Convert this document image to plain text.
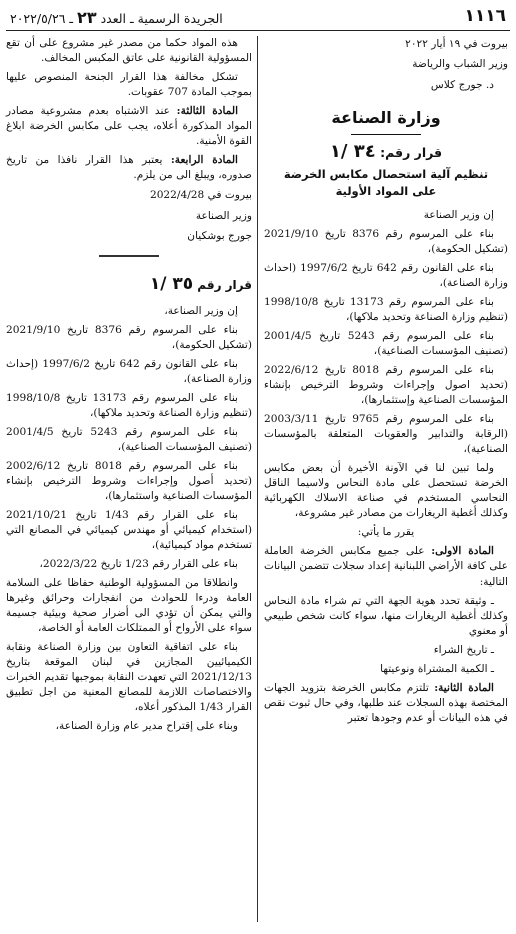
١١١٦
الجريدة الرسمية ـ العدد ٢٣ ـ ٢٠٢٢/٥/٢٦

بيروت في ١٩ أيار ٢٠٢٢

وزير الشباب والرياضة

د. جورج كلاس

وزارة الصناعة
قرار رقم: ٣٤ /١
تنظيم آلية استحصال مكابس الخرضة
على المواد الأولية

إن وزير الصناعة

بناء على المرسوم رقم 8376 تاريخ 2021/9/10 (تشكيل الحكومة)،

بناء على القانون رقم 642 تاريخ 1997/6/2 (احداث وزارة الصناعة)،

بناء على المرسوم رقم 13173 تاريخ 1998/10/8 (تنظيم وزارة الصناعة وتحديد ملاكها)،

بناء على المرسوم رقم 5243 تاريخ 2001/4/5 (تصنيف المؤسسات الصناعية)،

بناء على المرسوم رقم 8018 تاريخ 2022/6/12 (تحديد اصول وإجراءات وشروط الترخيص بإنشاء المؤسسات الصناعية وإستثمارها)،

بناء على المرسوم رقم 9765 تاريخ 2003/3/11 (الرقابة والتدابير والعقوبات المتعلقة بالمؤسسات الصناعية)،

ولما تبين لنا في الآونة الأخيرة أن بعض مكابس الخرضة تستحصل على مادة النحاس ولاسيما الناقل النحاسي المستخدم في صناعة الاسلاك الكهربائية وكذلك أغطية الريغارات من مصادر غير مشروعة،

يقرر ما يأتي:

المادة الاولى: على جميع مكابس الخرضة العاملة على كافة الأراضي اللبنانية إعداد سجلات تتضمن البيانات التالية:

ـ وثيقة تحدد هوية الجهة التي تم شراء مادة النحاس وكذلك أغطية الريغارات منها، سواء كانت شخص طبيعي أو معنوي

ـ تاريخ الشراء

ـ الكمية المشتراة ونوعيتها

المادة الثانية: تلتزم مكابس الخرضة بتزويد الجهات المختصة بهذه السجلات عند طلبها، وفي حال ثبوت نقص في هذه البيانات أو عدم وجودها تعتبر

هذه المواد حكما من مصدر غير مشروع على أن تقع المسؤولية القانونية على عاتق المكبس المخالف.

تشكل مخالفة هذا القرار الجنحة المنصوص عليها بموجب المادة 707 عقوبات.

المادة الثالثة: عند الاشتباه بعدم مشروعية مصادر المواد المذكورة أعلاه، يجب على مكابس الخرضة ابلاغ القوة الأمنية.

المادة الرابعة: يعتبر هذا القرار نافذا من تاريخ صدوره، ويبلغ الى من يلزم.

بيروت في 2022/4/28

وزير الصناعة

جورج بوشكيان

قرار رقم ٣٥ /١

إن وزير الصناعة،

بناء على المرسوم رقم 8376 تاريخ 2021/9/10 (تشكيل الحكومة)،

بناء على القانون رقم 642 تاريخ 1997/6/2 (إحداث وزارة الصناعة)،

بناء على المرسوم رقم 13173 تاريخ 1998/10/8 (تنظيم وزارة الصناعة وتحديد ملاكها)،

بناء على المرسوم رقم 5243 تاريخ 2001/4/5 (تصنيف المؤسسات الصناعية)،

بناء على المرسوم رقم 8018 تاريخ 2002/6/12 (تحديد أصول وإجراءات وشروط الترخيص بإنشاء المؤسسات الصناعية واستثمارها)،

بناء على القرار رقم 1/43 تاريخ 2021/10/21 (استخدام كيميائي أو مهندس كيميائي في المصانع التي تستخدم مواد كيميائية)،

بناء على القرار رقم 1/23 تاريخ 2022/3/22،

وانطلاقا من المسؤولية الوطنية حفاظا على السلامة العامة ودرءا للحوادث من انفجارات وحرائق وغيرها والتي يمكن أن تؤدي الى أضرار صحية وبيئية جسيمة سواء على الأرواح أو الممتلكات العامة أو الخاصة،

بناء على اتفاقية التعاون بين وزارة الصناعة ونقابة الكيميائيين المجازين في لبنان الموقعة بتاريخ 2021/12/13 التي تعهدت النقابة بموجبها تقديم الخبرات والاختصاصات اللازمة للمصانع المعنية من اجل تطبيق القرار 1/43 المذكور أعلاه،

وبناء على إقتراح مدير عام وزارة الصناعة،
